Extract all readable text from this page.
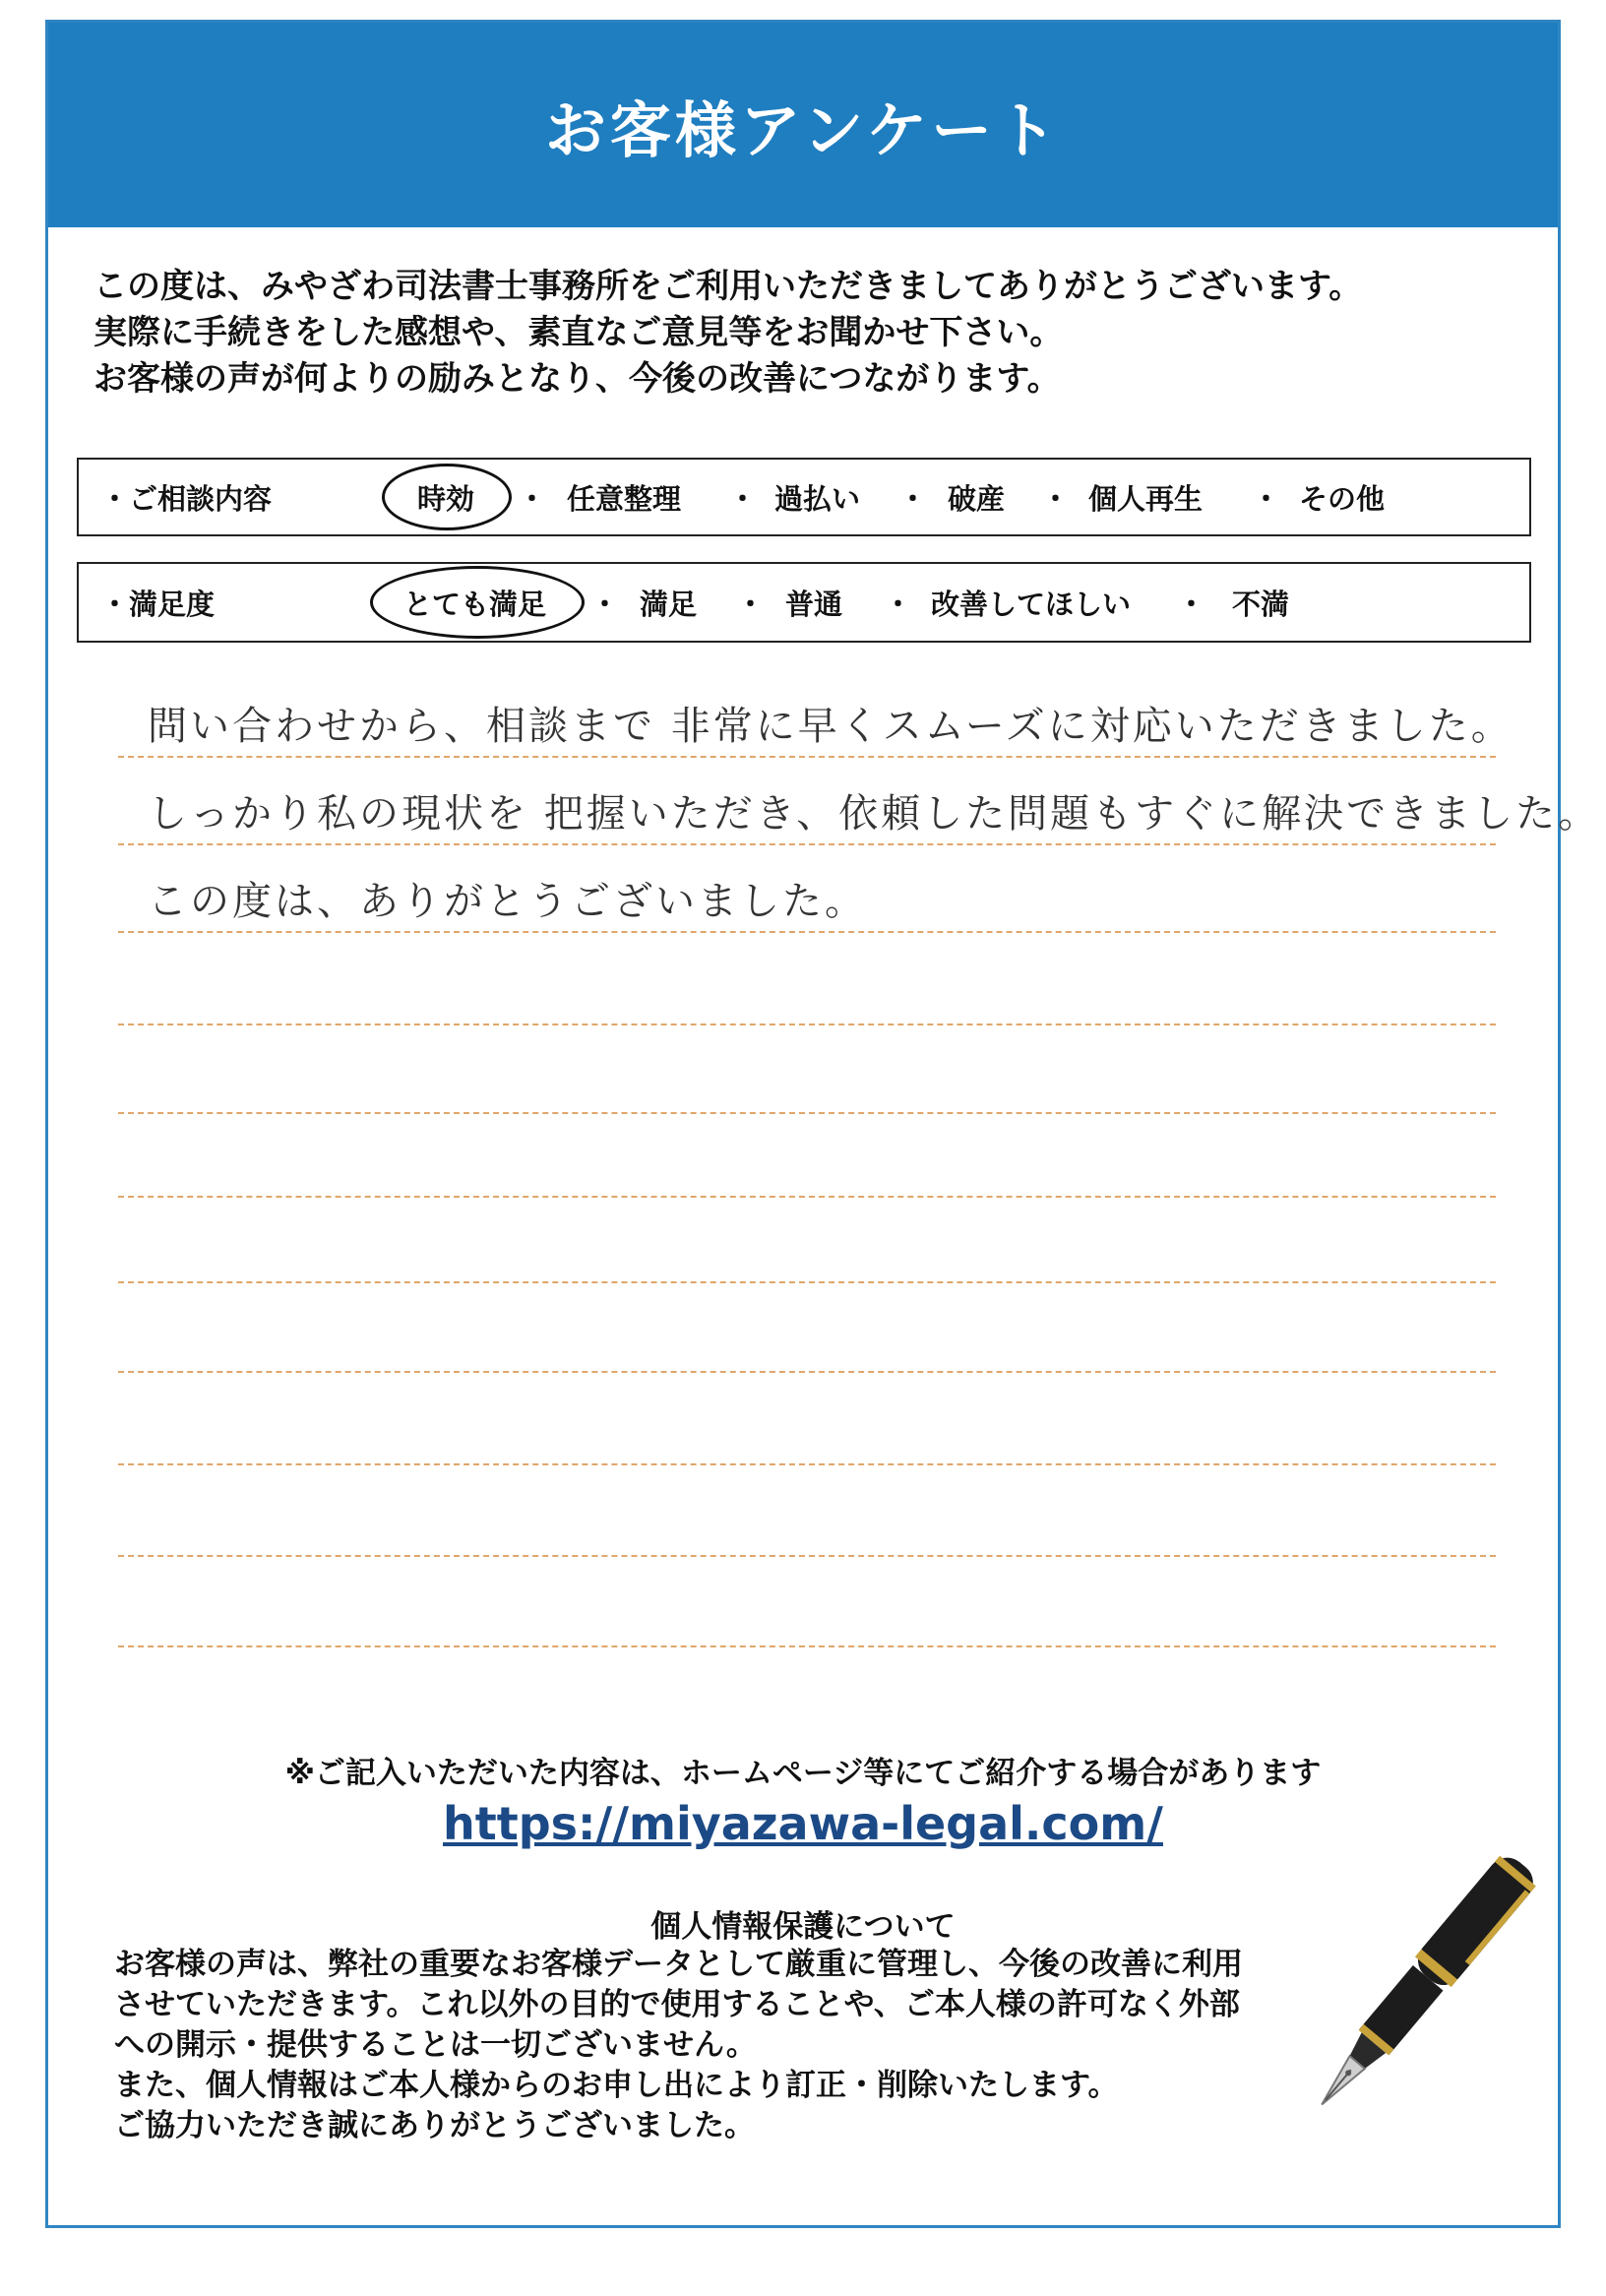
お客様アンケート
この度は、みやざわ司法書士事務所をご利用いただきましてありがとうございます。
実際に手続きをした感想や、素直なご意見等をお聞かせ下さい。
お客様の声が何よりの励みとなり、今後の改善につながります。
・ご相談内容	時効 ・ 任意整理 ・ 過払い ・ 破産 ・ 個人再生 ・ その他
・満足度	とても満足 ・ 満足 ・ 普通 ・ 改善してほしい ・ 不満
問い合わせから、相談まで 非常に早くスムーズに対応いただきました。
しっかり私の現状を 把握いただき、依頼した問題もすぐに解決できました。
この度は、ありがとうございました。
※ご記入いただいた内容は、ホームページ等にてご紹介する場合があります
https://miyazawa-legal.com/
個人情報保護について
お客様の声は、弊社の重要なお客様データとして厳重に管理し、今後の改善に利用
させていただきます。これ以外の目的で使用することや、ご本人様の許可なく外部
への開示・提供することは一切ございません。
また、個人情報はご本人様からのお申し出により訂正・削除いたします。
ご協力いただき誠にありがとうございました。
